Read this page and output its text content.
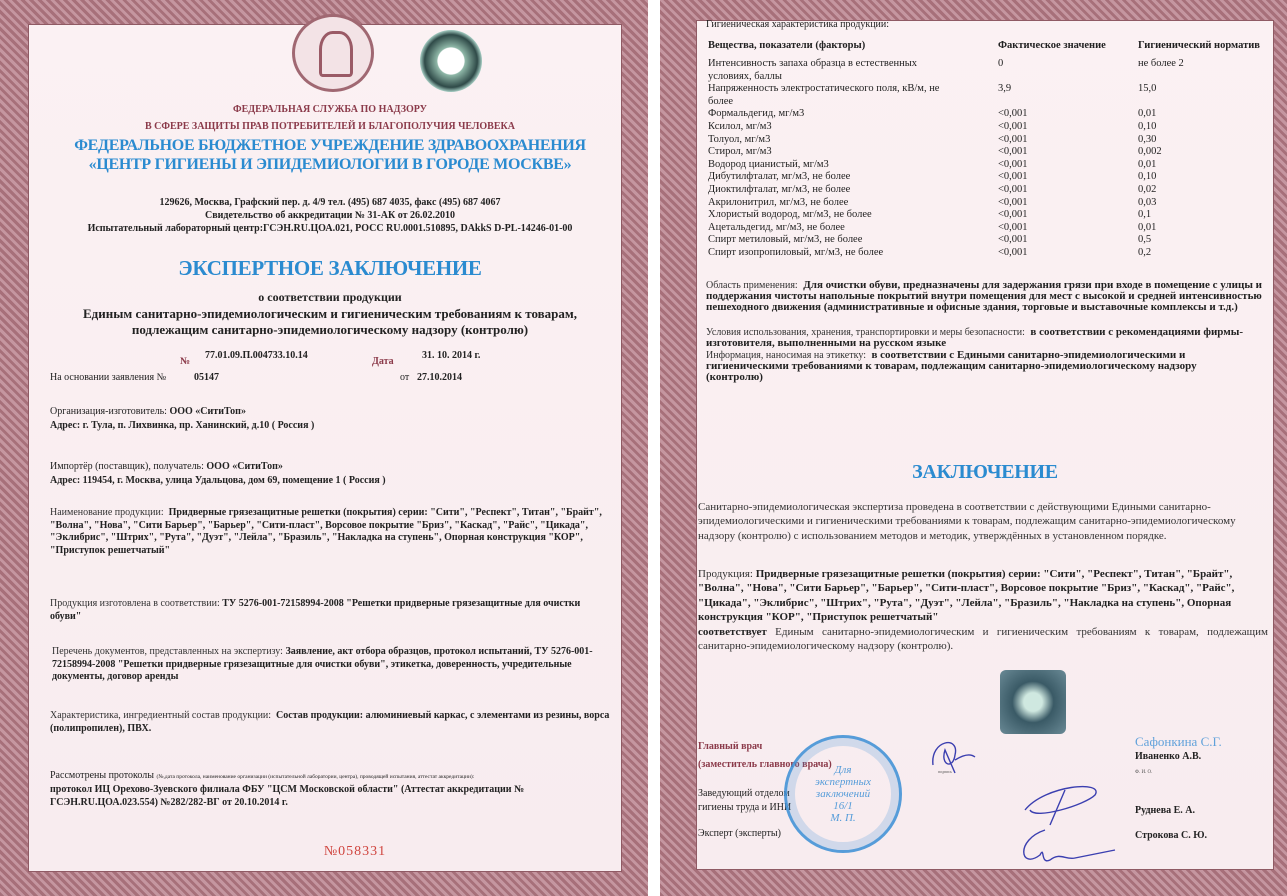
ФЕДЕРАЛЬНАЯ СЛУЖБА ПО НАДЗОРУ
В СФЕРЕ ЗАЩИТЫ ПРАВ ПОТРЕБИТЕЛЕЙ И БЛАГОПОЛУЧИЯ ЧЕЛОВЕКА
ФЕДЕРАЛЬНОЕ БЮДЖЕТНОЕ УЧРЕЖДЕНИЕ ЗДРАВООХРАНЕНИЯ
«ЦЕНТР ГИГИЕНЫ И ЭПИДЕМИОЛОГИИ В ГОРОДЕ МОСКВЕ»
129626, Москва, Графский пер. д. 4/9 тел. (495) 687 4035, факс (495) 687 4067
Свидетельство об аккредитации № 31-АК от 26.02.2010
Испытательный лабораторный центр:ГСЭН.RU.ЦОА.021, РОСС RU.0001.510895, DAkkS D-PL-14246-01-00
ЭКСПЕРТНОЕ ЗАКЛЮЧЕНИЕ
о соответствии продукции
Единым санитарно-эпидемиологическим и гигиеническим требованиям к товарам,
подлежащим санитарно-эпидемиологическому надзору (контролю)
№
77.01.09.П.004733.10.14
Дата
31. 10. 2014 г.
На основании заявления №	05147	от 27.10.2014
Организация-изготовитель: ООО «СитиТоп»
Адрес: г. Тула, п. Лихвинка, пр. Ханинский, д.10 ( Россия )
Импортёр (поставщик), получатель: ООО «СитиТоп»
Адрес: 119454, г. Москва, улица Удальцова, дом 69, помещение 1 ( Россия )
Наименование продукции: Придверные грязезащитные решетки (покрытия) серии: "Сити", "Респект", Титан", "Брайт", "Волна", "Нова", "Сити Барьер", "Барьер", "Сити-пласт", Ворсовое покрытие "Бриз", "Каскад", "Райс", "Цикада", "Эклибрис", "Штрих", "Рута", "Дуэт", "Лейла", "Бразиль", "Накладка на ступень", Опорная конструкция "КОР", "Приступок решетчатый"
Продукция изготовлена в соответствии: ТУ 5276-001-72158994-2008 "Решетки придверные грязезащитные для очистки обуви"
Перечень документов, представленных на экспертизу: Заявление, акт отбора образцов, протокол испытаний, ТУ 5276-001-72158994-2008 "Решетки придверные грязезащитные для очистки обуви", этикетка, доверенность, учредительные документы, договор аренды
Характеристика, ингредиентный состав продукции: Состав продукции: алюминиевый каркас, с элементами из резины, ворса (полипропилен), ПВХ.
Рассмотрены протоколы (№,дата протокола, наименование организации (испытательной лаборатории, центра), проводящей испытания, аттестат аккредитации):
протокол ИЦ Орехово-Зуевского филиала ФБУ "ЦСМ Московской области" (Аттестат аккредитации № ГСЭН.RU.ЦОА.023.554) №282/282-ВГ от 20.10.2014 г.
№058331
Гигиеническая характеристика продукции:
Вещества, показатели (факторы)	Фактическое значение	Гигиенический норматив
Интенсивность запаха образца в естественных условиях, баллы	0	не более 2
Напряженность электростатического поля, кВ/м, не более	3,9	15,0
Формальдегид, мг/м3	<0,001	0,01
Ксилол, мг/м3	<0,001	0,10
Толуол, мг/м3	<0,001	0,30
Стирол, мг/м3	<0,001	0,002
Водород цианистый, мг/м3	<0,001	0,01
Дибутилфталат, мг/м3, не более	<0,001	0,10
Диоктилфталат, мг/м3, не более	<0,001	0,02
Акрилонитрил, мг/м3, не более	<0,001	0,03
Хлористый водород, мг/м3, не более	<0,001	0,1
Ацетальдегид, мг/м3, не более	<0,001	0,01
Спирт метиловый, мг/м3, не более	<0,001	0,5
Спирт изопропиловый, мг/м3, не более	<0,001	0,2
Область применения: Для очистки обуви, предназначены для задержания грязи при входе в помещение с улицы и поддержания чистоты напольные покрытий внутри помещения для мест с высокой и средней интенсивностью пешеходного движения (административные и офисные здания, торговые и выставочные комплексы и т.д.)
Условия использования, хранения, транспортировки и меры безопасности: в соответствии с рекомендациями фирмы-изготовителя, выполненными на русском языке
Информация, наносимая на этикетку: в соответствии с Едиными санитарно-эпидемиологическими и гигиеническими требованиями к товарам, подлежащим санитарно-эпидемиологическому надзору (контролю)
ЗАКЛЮЧЕНИЕ
Санитарно-эпидемиологическая экспертиза проведена в соответствии с действующими Едиными санитарно-эпидемиологическими и гигиеническими требованиями к товарам, подлежащим санитарно-эпидемиологическому надзору (контролю) с использованием методов и методик, утверждённых в установленном порядке.
Продукция: Придверные грязезащитные решетки (покрытия) серии: "Сити", "Респект", Титан", "Брайт", "Волна", "Нова", "Сити Барьер", "Барьер", "Сити-пласт", Ворсовое покрытие "Бриз", "Каскад", "Райс", "Цикада", "Эклибрис", "Штрих", "Рута", "Дуэт", "Лейла", "Бразиль", "Накладка на ступень", Опорная конструкция "КОР", "Приступок решетчатый"
соответствует Единым санитарно-эпидемиологическим и гигиеническим требованиям к товарам, подлежащим санитарно-эпидемиологическому надзору (контролю).
Главный врач
(заместитель главного врача)
Заведующий отделом
гигиены труда и ИНИ
Эксперт (эксперты)
Для экспертных заключений 16/1
М. П.
подпись
Сафонкина С.Г.
Иваненко А.В.
Ф. И. О.
Руднева Е. А.
Строкова С. Ю.
